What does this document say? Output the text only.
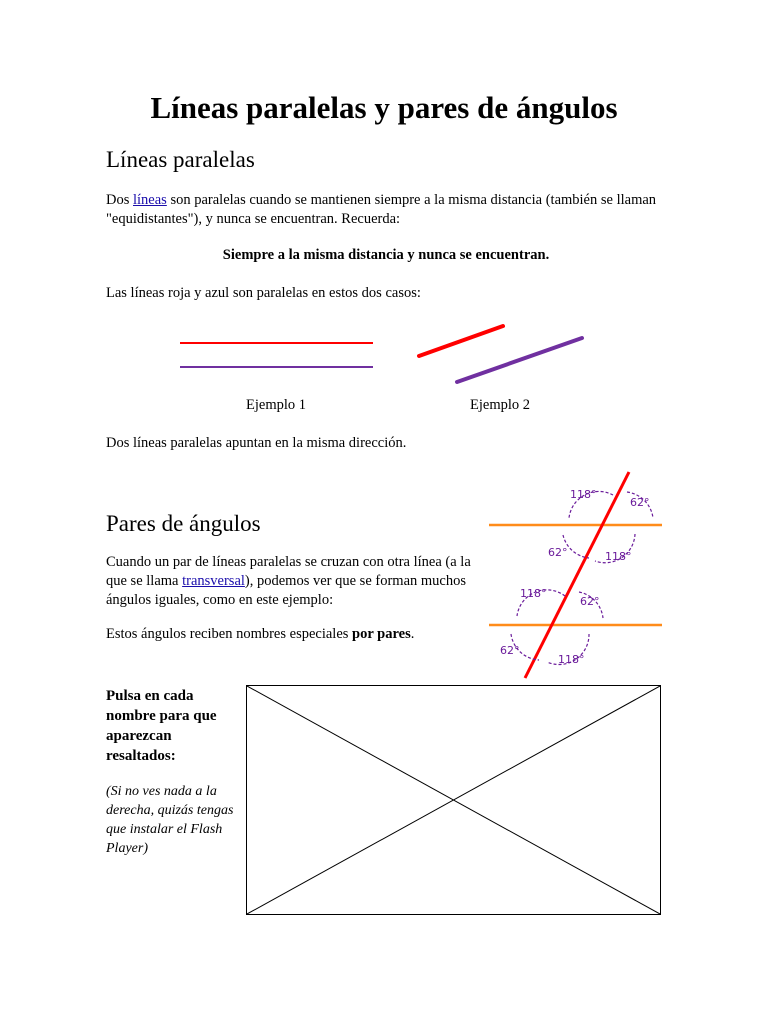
Líneas paralelas y pares de ángulos
Líneas paralelas

Dos líneas son paralelas cuando se mantienen siempre a la misma distancia (también se llaman "equidistantes"), y nunca se encuentran. Recuerda:

Siempre a la misma distancia y nunca se encuentran.

Las líneas roja y azul son paralelas en estos dos casos:

Ejemplo 1	Ejemplo 2

Dos líneas paralelas apuntan en la misma dirección.

Pares de ángulos

Cuando un par de líneas paralelas se cruzan con otra línea (a la que se llama transversal), podemos ver que se forman muchos ángulos iguales, como en este ejemplo:

Estos ángulos reciben nombres especiales por pares.

118°
62°
62°	118°
118°
62°
62°
118°

Pulsa en cada nombre para que aparezcan resaltados:

(Si no ves nada a la derecha, quizás tengas que instalar el Flash Player)
